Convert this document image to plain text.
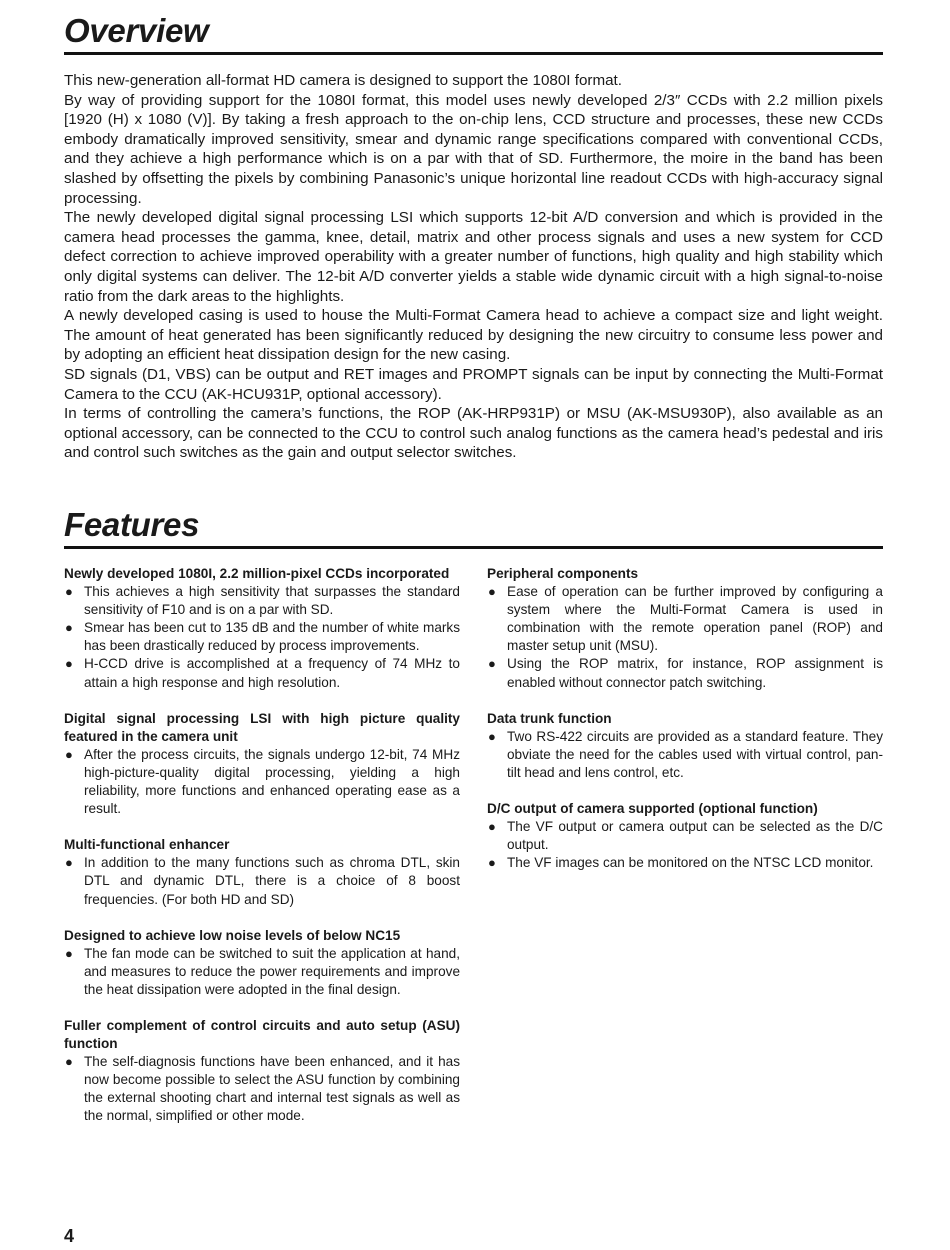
Overview

This new-generation all-format HD camera is designed to support the 1080I format.

By way of providing support for the 1080I format, this model uses newly developed 2/3″ CCDs with 2.2 million pixels [1920 (H) x 1080 (V)]. By taking a fresh approach to the on-chip lens, CCD structure and processes, these new CCDs embody dramatically improved sensitivity, smear and dynamic range specifications compared with conventional CCDs, and they achieve a high performance which is on a par with that of SD. Furthermore, the moire in the band has been slashed by offsetting the pixels by combining Panasonic’s unique horizontal line readout CCDs with high-accuracy signal processing.

The newly developed digital signal processing LSI which supports 12-bit A/D conversion and which is provided in the camera head processes the gamma, knee, detail, matrix and other process signals and uses a new system for CCD defect correction to achieve improved operability with a greater number of functions, high quality and high stability which only digital systems can deliver. The 12-bit A/D converter yields a stable wide dynamic circuit with a high signal-to-noise ratio from the dark areas to the highlights.

A newly developed casing is used to house the Multi-Format Camera head to achieve a compact size and light weight. The amount of heat generated has been significantly reduced by designing the new circuitry to consume less power and by adopting an efficient heat dissipation design for the new casing.

SD signals (D1, VBS) can be output and RET images and PROMPT signals can be input by connecting the Multi-Format Camera to the CCU (AK-HCU931P, optional accessory).

In terms of controlling the camera’s functions, the ROP (AK-HRP931P) or MSU (AK-MSU930P), also available as an optional accessory, can be connected to the CCU to control such analog functions as the camera head’s pedestal and iris and control such switches as the gain and output selector switches.

Features

Newly developed 1080I, 2.2 million-pixel CCDs incorporated

● This achieves a high sensitivity that surpasses the standard sensitivity of F10 and is on a par with SD.
● Smear has been cut to 135 dB and the number of white marks has been drastically reduced by process improvements.
● H-CCD drive is accomplished at a frequency of 74 MHz to attain a high response and high resolution.

Digital signal processing LSI with high picture quality featured in the camera unit

● After the process circuits, the signals undergo 12-bit, 74 MHz high-picture-quality digital processing, yielding a high reliability, more functions and enhanced operating ease as a result.

Multi-functional enhancer

● In addition to the many functions such as chroma DTL, skin DTL and dynamic DTL, there is a choice of 8 boost frequencies. (For both HD and SD)

Designed to achieve low noise levels of below NC15

● The fan mode can be switched to suit the application at hand, and measures to reduce the power requirements and improve the heat dissipation were adopted in the final design.

Fuller complement of control circuits and auto setup (ASU) function

● The self-diagnosis functions have been enhanced, and it has now become possible to select the ASU function by combining the external shooting chart and internal test signals as well as the normal, simplified or other mode.

Peripheral components

● Ease of operation can be further improved by configuring a system where the Multi-Format Camera is used in combination with the remote operation panel (ROP) and master setup unit (MSU).
● Using the ROP matrix, for instance, ROP assignment is enabled without connector patch switching.

Data trunk function

● Two RS-422 circuits are provided as a standard feature. They obviate the need for the cables used with virtual control, pan-tilt head and lens control, etc.

D/C output of camera supported (optional function)

● The VF output or camera output can be selected as the D/C output.
● The VF images can be monitored on the NTSC LCD monitor.
4
